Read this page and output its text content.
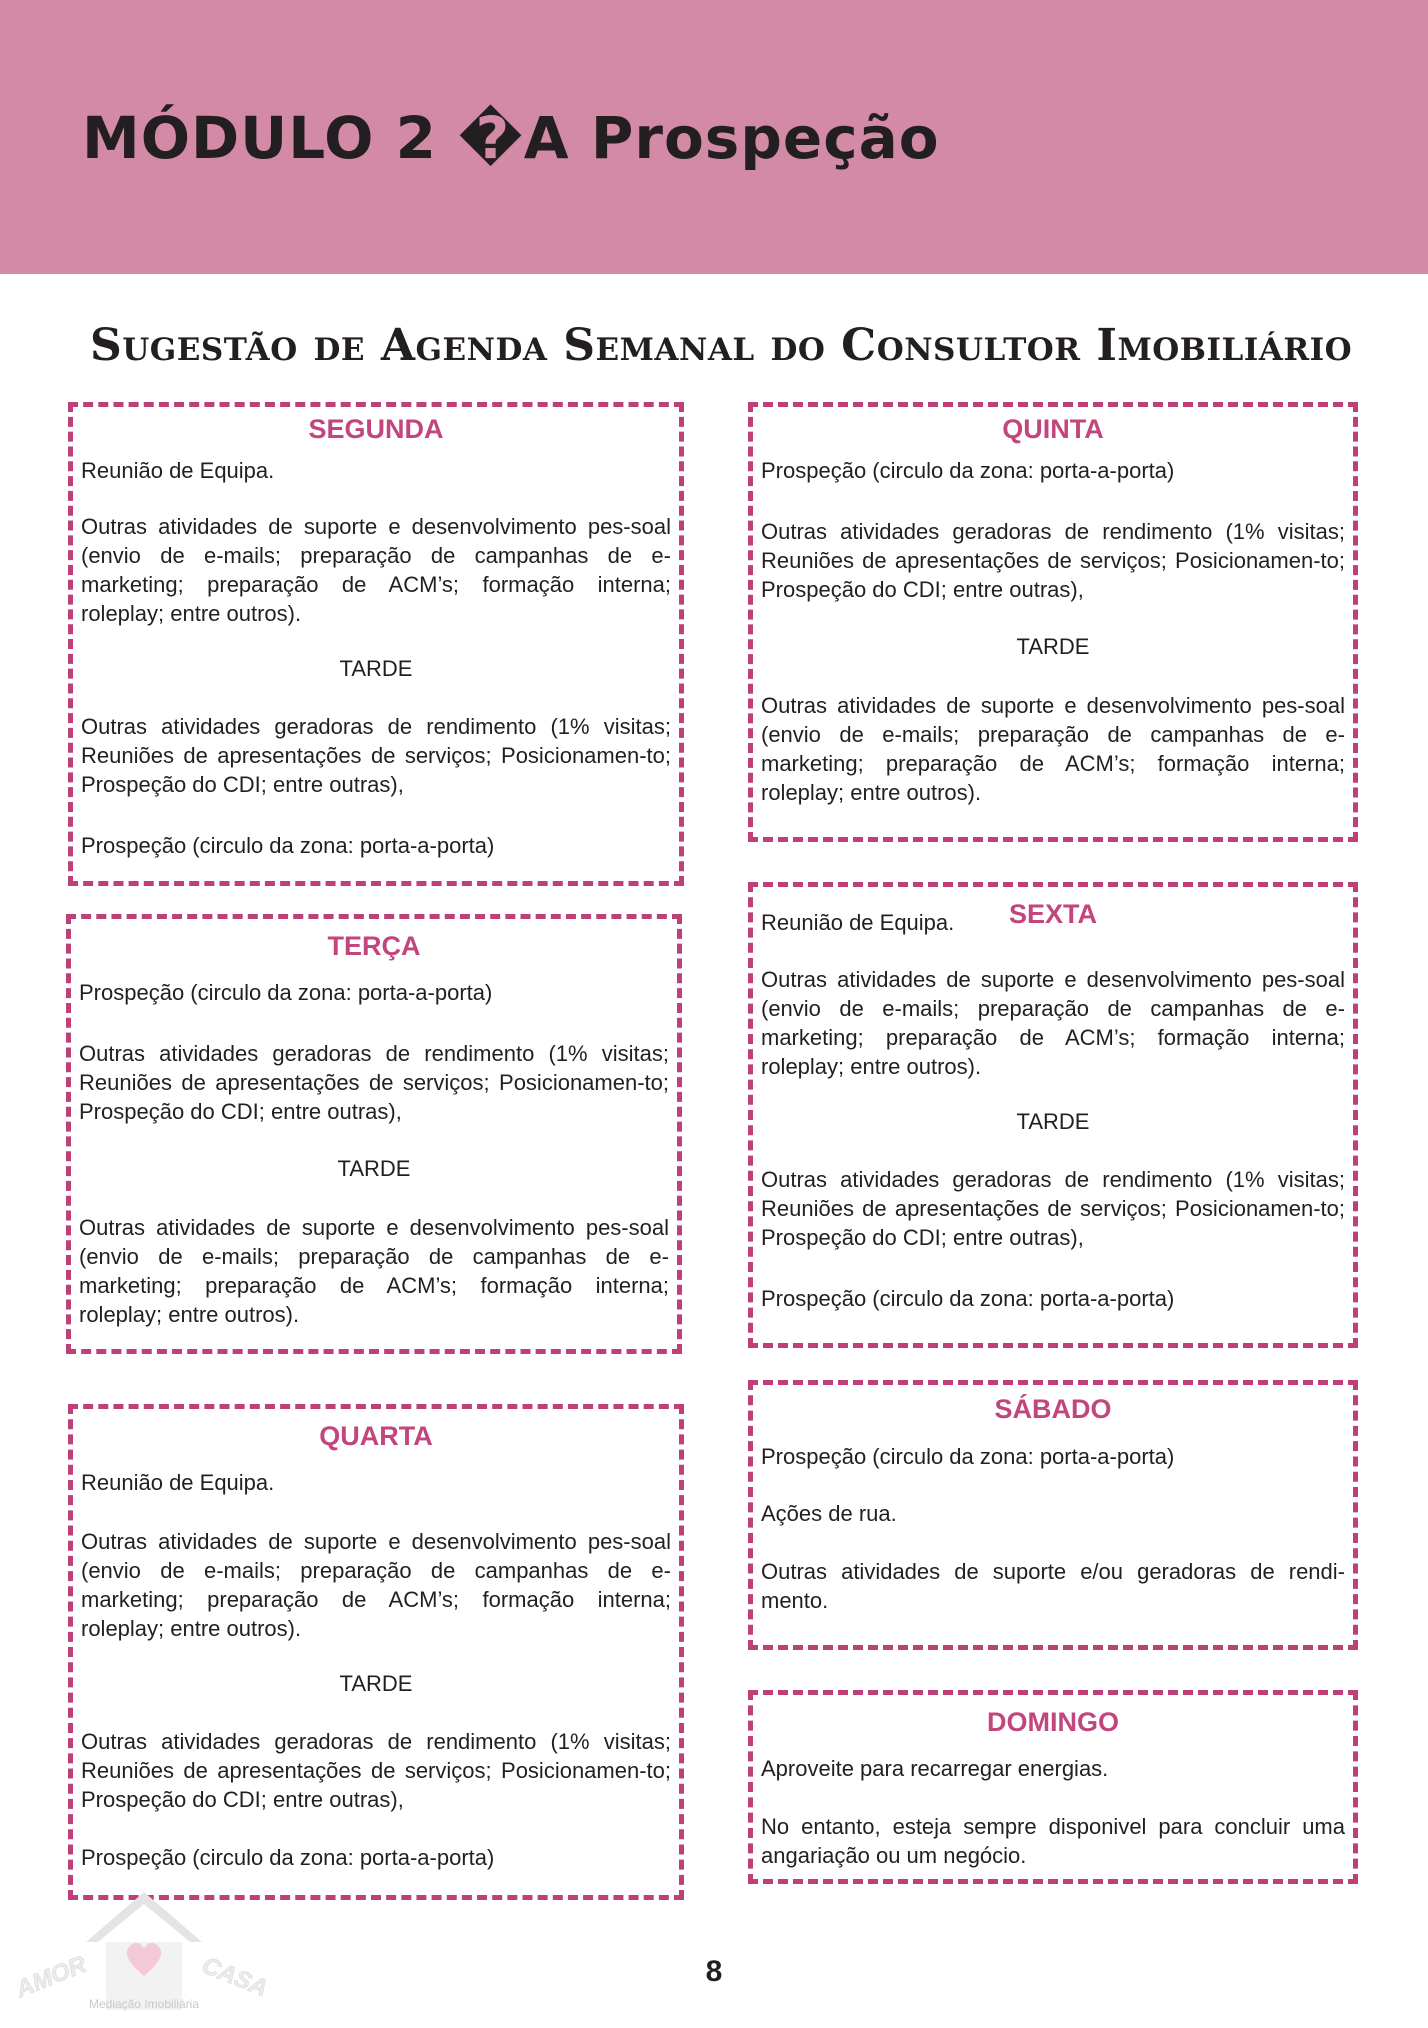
MÓDULO 2 �A Prospeção
Sugestão de Agenda Semanal do Consultor Imobiliário

SEGUNDA

Reunião de Equipa.

Outras atividades de suporte e desenvolvimento pes-soal (envio de e-mails; preparação de campanhas de e-marketing; preparação de ACM’s; formação interna; roleplay; entre outros).

TARDE

Outras atividades geradoras de rendimento (1% visitas; Reuniões de apresentações de serviços; Posicionamen-to; Prospeção do CDI; entre outras),

Prospeção (circulo da zona: porta-a-porta)

TERÇA

Prospeção (circulo da zona: porta-a-porta)

Outras atividades geradoras de rendimento (1% visitas; Reuniões de apresentações de serviços; Posicionamen-to; Prospeção do CDI; entre outras),

TARDE

Outras atividades de suporte e desenvolvimento pes-soal (envio de e-mails; preparação de campanhas de e-marketing; preparação de ACM’s; formação interna; roleplay; entre outros).

QUARTA

Reunião de Equipa.

Outras atividades de suporte e desenvolvimento pes-soal (envio de e-mails; preparação de campanhas de e-marketing; preparação de ACM’s; formação interna; roleplay; entre outros).

TARDE

Outras atividades geradoras de rendimento (1% visitas; Reuniões de apresentações de serviços; Posicionamen-to; Prospeção do CDI; entre outras),

Prospeção (circulo da zona: porta-a-porta)

QUINTA

Prospeção (circulo da zona: porta-a-porta)

Outras atividades geradoras de rendimento (1% visitas; Reuniões de apresentações de serviços; Posicionamen-to; Prospeção do CDI; entre outras),

TARDE

Outras atividades de suporte e desenvolvimento pes-soal (envio de e-mails; preparação de campanhas de e-marketing; preparação de ACM’s; formação interna; roleplay; entre outros).

SEXTA

Reunião de Equipa.

Outras atividades de suporte e desenvolvimento pes-soal (envio de e-mails; preparação de campanhas de e-marketing; preparação de ACM’s; formação interna; roleplay; entre outros).

TARDE

Outras atividades geradoras de rendimento (1% visitas; Reuniões de apresentações de serviços; Posicionamen-to; Prospeção do CDI; entre outras),

Prospeção (circulo da zona: porta-a-porta)

SÁBADO

Prospeção (circulo da zona: porta-a-porta)

Ações de rua.

Outras atividades de suporte e/ou geradoras de rendi-mento.

DOMINGO

Aproveite para recarregar energias.

No entanto, esteja sempre disponivel para concluir uma angariação ou um negócio.

AMOR
A
CASA
Mediação Imobiliária
8
